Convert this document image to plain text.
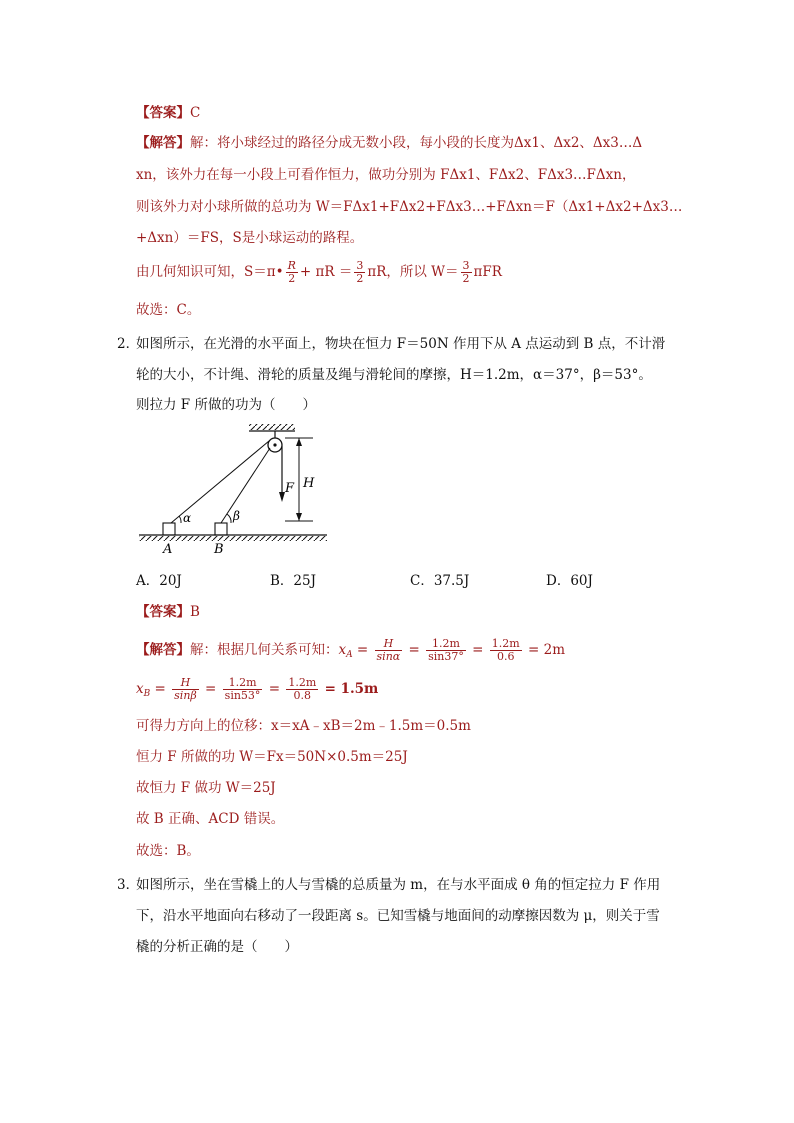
【答案】C
【解答】解：将小球经过的路径分成无数小段，每小段的长度为Δx1、Δx2、Δx3…Δ
xn，该外力在每一小段上可看作恒力，做功分别为 FΔx1、FΔx2、FΔx3…FΔxn，
则该外力对小球所做的总功为 W＝FΔx1+FΔx2+FΔx3…+FΔxn＝F（Δx1+Δx2+Δx3…
+Δxn）＝FS，S是小球运动的路程。
由几何知识可知，S＝π• $\frac{R}{2} + \pi R = \frac{3}{2}$ πR，所以 $W= \frac{3}{2}$ πFR
故选：C。
2．
如图所示，在光滑的水平面上，物块在恒力 F＝50N 作用下从 A 点运动到 B 点，不计滑
轮的大小，不计绳、滑轮的质量及绳与滑轮间的摩擦，H＝1.2m，α＝37°，β＝53°。
则拉力 F 所做的功为（　　）
H
F
α	β
A	B
A．20J	B．25J	C．37.5J	D．60J
【答案】B
【解答】解：根据几何关系可知：$x_A = \frac{H}{\sin\alpha} = \frac{1.2m}{\sin 37^\circ} = \frac{1.2m}{0.6} = 2m$
$x_B = \frac{H}{\sin\beta} = \frac{1.2m}{\sin 53^\circ} = \frac{1.2m}{0.8} = 1.5m$
可得力方向上的位移：x＝xA﹣xB＝2m﹣1.5m＝0.5m
恒力 F 所做的功 W＝Fx＝50N×0.5m＝25J
故恒力 F 做功 W＝25J
故 B 正确、ACD 错误。
故选：B。
3．
如图所示，坐在雪橇上的人与雪橇的总质量为 m，在与水平面成 θ 角的恒定拉力 F 作用
下，沿水平地面向右移动了一段距离 s。已知雪橇与地面间的动摩擦因数为 μ，则关于雪
橇的分析正确的是（　　）
